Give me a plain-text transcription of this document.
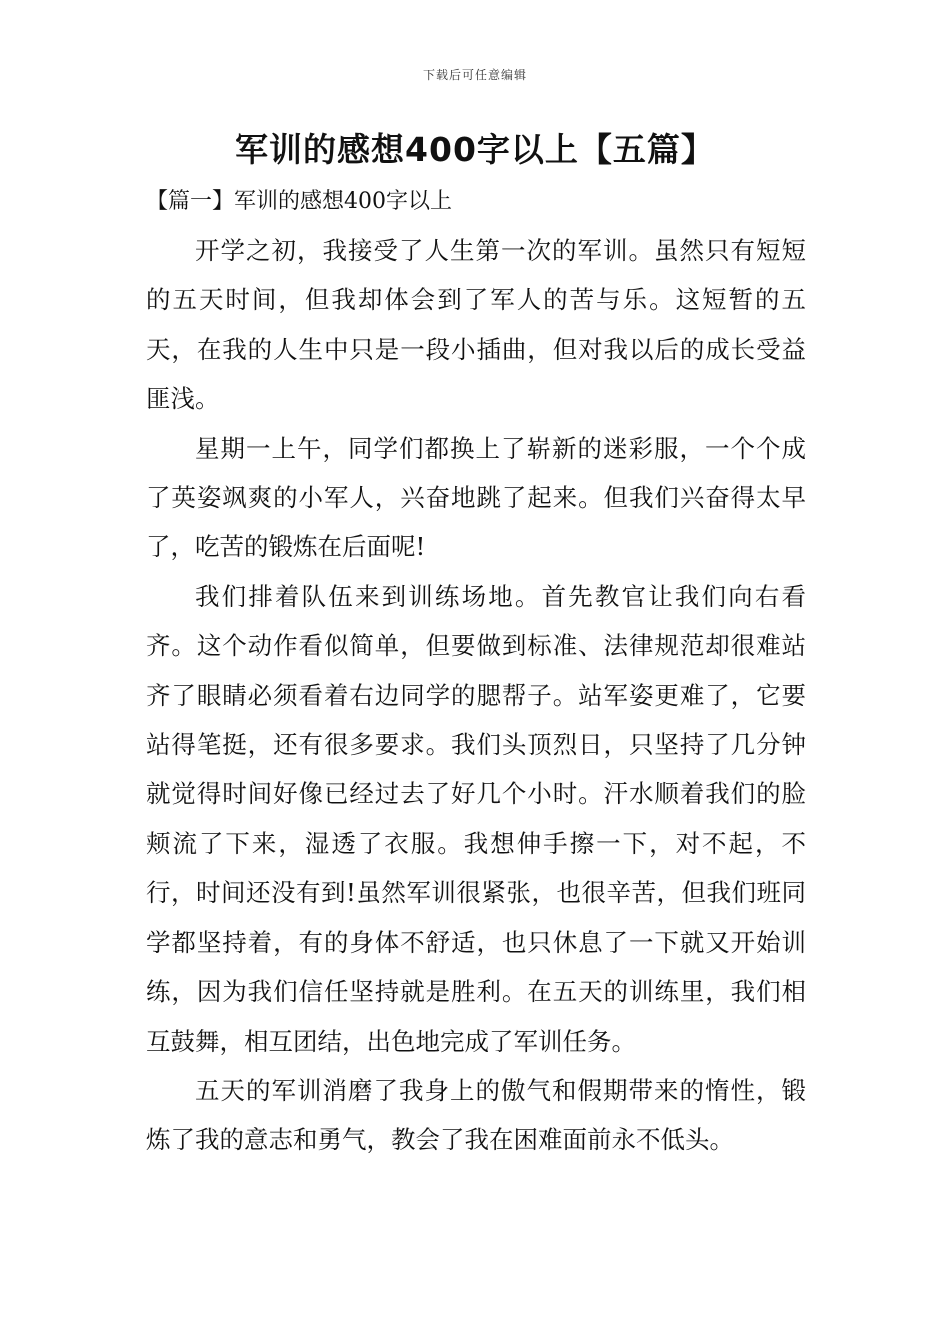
下载后可任意编辑
军训的感想400字以上【五篇】
【篇一】军训的感想400字以上

开学之初，我接受了人生第一次的军训。虽然只有短短的五天时间，但我却体会到了军人的苦与乐。这短暂的五天，在我的人生中只是一段小插曲，但对我以后的成长受益匪浅。

星期一上午，同学们都换上了崭新的迷彩服，一个个成了英姿飒爽的小军人，兴奋地跳了起来。但我们兴奋得太早了，吃苦的锻炼在后面呢!

我们排着队伍来到训练场地。首先教官让我们向右看齐。这个动作看似简单，但要做到标准、法律规范却很难站齐了眼睛必须看着右边同学的腮帮子。站军姿更难了，它要站得笔挺，还有很多要求。我们头顶烈日，只坚持了几分钟就觉得时间好像已经过去了好几个小时。汗水顺着我们的脸颊流了下来，湿透了衣服。我想伸手擦一下，对不起，不行，时间还没有到!虽然军训很紧张，也很辛苦，但我们班同学都坚持着，有的身体不舒适，也只休息了一下就又开始训练，因为我们信任坚持就是胜利。在五天的训练里，我们相互鼓舞，相互团结，出色地完成了军训任务。

五天的军训消磨了我身上的傲气和假期带来的惰性，锻炼了我的意志和勇气，教会了我在困难面前永不低头。
